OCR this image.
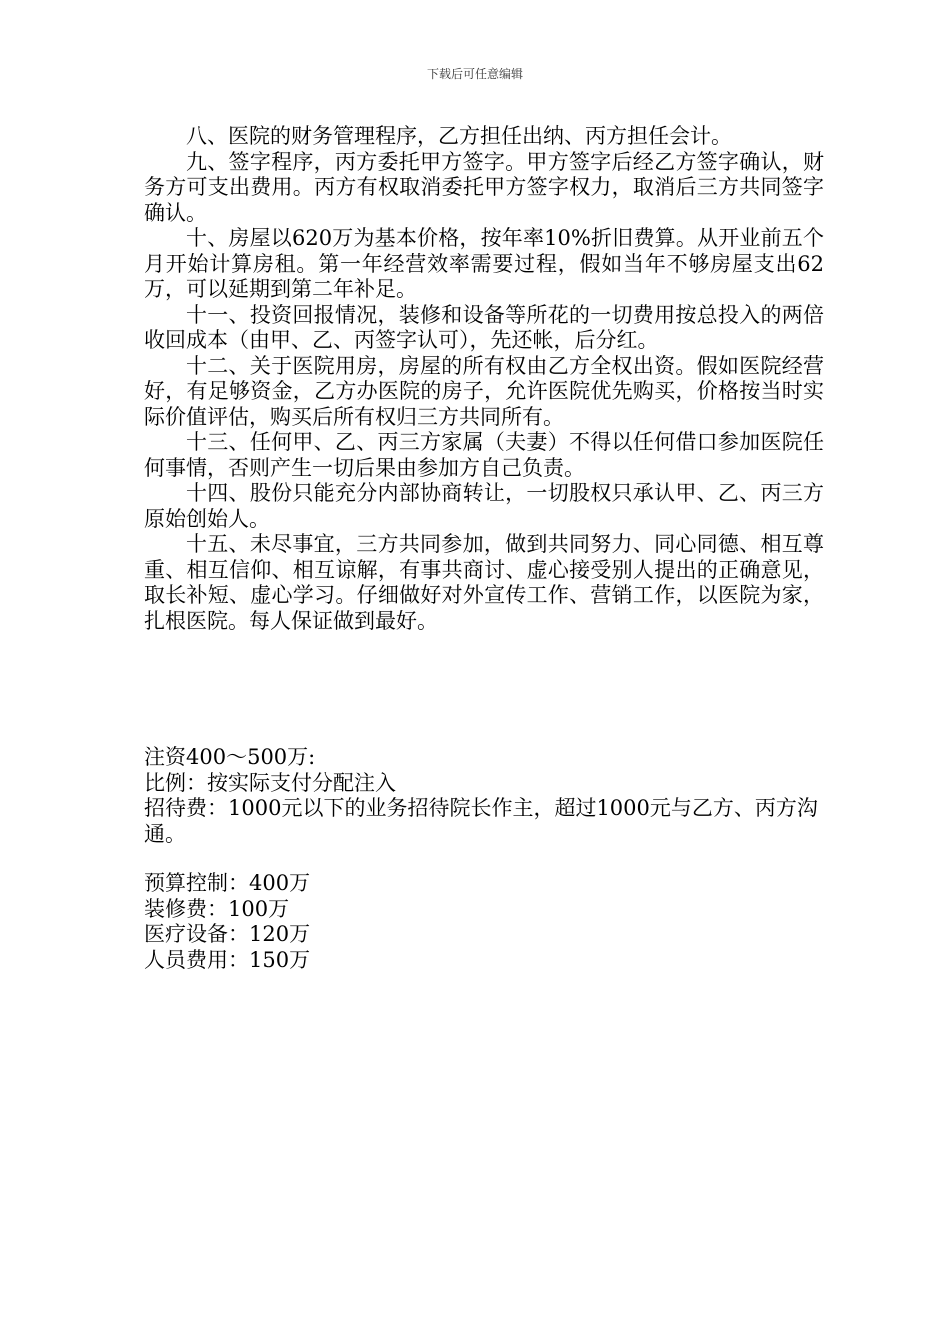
下载后可任意编辑

八、医院的财务管理程序，乙方担任出纳、丙方担任会计。

九、签字程序，丙方委托甲方签字。甲方签字后经乙方签字确认，财务方可支出费用。丙方有权取消委托甲方签字权力，取消后三方共同签字确认。

十、房屋以620万为基本价格，按年率10%折旧费算。从开业前五个月开始计算房租。第一年经营效率需要过程，假如当年不够房屋支出62万，可以延期到第二年补足。

十一、投资回报情况，装修和设备等所花的一切费用按总投入的两倍收回成本（由甲、乙、丙签字认可），先还帐，后分红。

十二、关于医院用房，房屋的所有权由乙方全权出资。假如医院经营好，有足够资金，乙方办医院的房子，允许医院优先购买，价格按当时实际价值评估，购买后所有权归三方共同所有。

十三、任何甲、乙、丙三方家属（夫妻）不得以任何借口参加医院任何事情，否则产生一切后果由参加方自己负责。

十四、股份只能充分内部协商转让，一切股权只承认甲、乙、丙三方原始创始人。

十五、未尽事宜，三方共同参加，做到共同努力、同心同德、相互尊重、相互信仰、相互谅解，有事共商讨、虚心接受别人提出的正确意见，取长补短、虚心学习。仔细做好对外宣传工作、营销工作，以医院为家，扎根医院。每人保证做到最好。

注资400～500万:

比例：按实际支付分配注入

招待费：1000元以下的业务招待院长作主，超过1000元与乙方、丙方沟通。

预算控制：400万

装修费：100万

医疗设备：120万

人员费用：150万
